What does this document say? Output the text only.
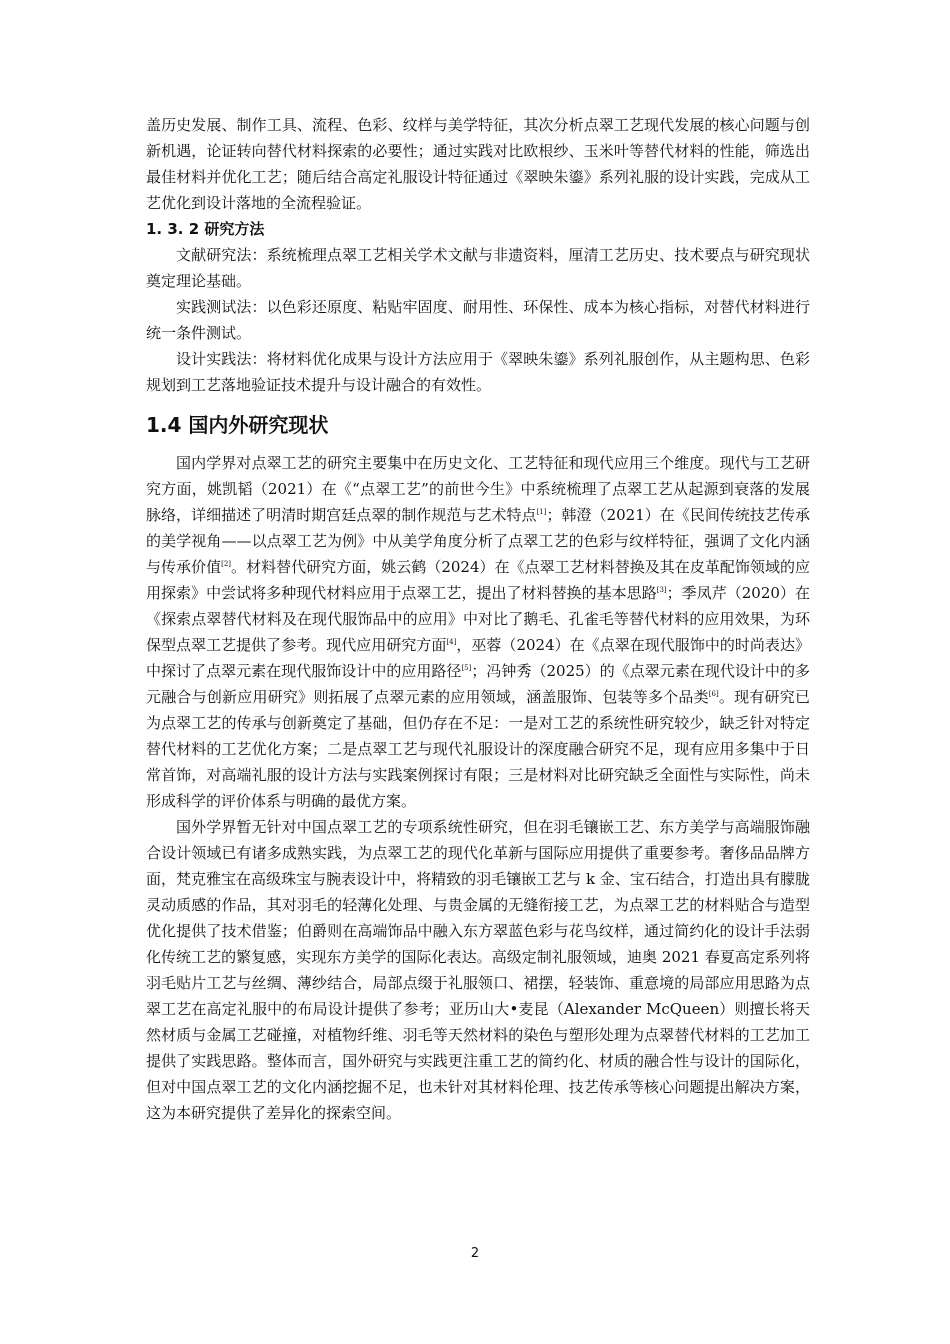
盖历史发展、制作工具、流程、色彩、纹样与美学特征，其次分析点翠工艺现代发展的核心问题与创新机遇，论证转向替代材料探索的必要性；通过实践对比欧根纱、玉米叶等替代材料的性能，筛选出最佳材料并优化工艺；随后结合高定礼服设计特征通过《翠映朱鎏》系列礼服的设计实践，完成从工艺优化到设计落地的全流程验证。

1. 3. 2 研究方法

文献研究法：系统梳理点翠工艺相关学术文献与非遗资料，厘清工艺历史、技术要点与研究现状奠定理论基础。

实践测试法：以色彩还原度、粘贴牢固度、耐用性、环保性、成本为核心指标，对替代材料进行统一条件测试。

设计实践法：将材料优化成果与设计方法应用于《翠映朱鎏》系列礼服创作，从主题构思、色彩规划到工艺落地验证技术提升与设计融合的有效性。

1.4 国内外研究现状

国内学界对点翠工艺的研究主要集中在历史文化、工艺特征和现代应用三个维度。现代与工艺研究方面，姚凯韬（2021）在《“点翠工艺”的前世今生》中系统梳理了点翠工艺从起源到衰落的发展脉络，详细描述了明清时期宫廷点翠的制作规范与艺术特点[1]；韩澄（2021）在《民间传统技艺传承的美学视角——以点翠工艺为例》中从美学角度分析了点翠工艺的色彩与纹样特征，强调了文化内涵与传承价值[2]。材料替代研究方面，姚云鹤（2024）在《点翠工艺材料替换及其在皮革配饰领域的应用探索》中尝试将多种现代材料应用于点翠工艺，提出了材料替换的基本思路[3]；季凤芹（2020）在《探索点翠替代材料及在现代服饰品中的应用》中对比了鹅毛、孔雀毛等替代材料的应用效果，为环保型点翠工艺提供了参考。现代应用研究方面[4]，巫蓉（2024）在《点翠在现代服饰中的时尚表达》中探讨了点翠元素在现代服饰设计中的应用路径[5]；冯钟秀（2025）的《点翠元素在现代设计中的多元融合与创新应用研究》则拓展了点翠元素的应用领域，涵盖服饰、包装等多个品类[6]。现有研究已为点翠工艺的传承与创新奠定了基础，但仍存在不足：一是对工艺的系统性研究较少，缺乏针对特定替代材料的工艺优化方案；二是点翠工艺与现代礼服设计的深度融合研究不足，现有应用多集中于日常首饰，对高端礼服的设计方法与实践案例探讨有限；三是材料对比研究缺乏全面性与实际性，尚未形成科学的评价体系与明确的最优方案。

国外学界暂无针对中国点翠工艺的专项系统性研究，但在羽毛镶嵌工艺、东方美学与高端服饰融合设计领域已有诸多成熟实践，为点翠工艺的现代化革新与国际应用提供了重要参考。奢侈品品牌方面，梵克雅宝在高级珠宝与腕表设计中，将精致的羽毛镶嵌工艺与 k 金、宝石结合，打造出具有朦胧灵动质感的作品，其对羽毛的轻薄化处理、与贵金属的无缝衔接工艺，为点翠工艺的材料贴合与造型优化提供了技术借鉴；伯爵则在高端饰品中融入东方翠蓝色彩与花鸟纹样，通过简约化的设计手法弱化传统工艺的繁复感，实现东方美学的国际化表达。高级定制礼服领域，迪奥 2021 春夏高定系列将羽毛贴片工艺与丝绸、薄纱结合，局部点缀于礼服领口、裙摆，轻装饰、重意境的局部应用思路为点翠工艺在高定礼服中的布局设计提供了参考；亚历山大•麦昆（Alexander McQueen）则擅长将天然材质与金属工艺碰撞，对植物纤维、羽毛等天然材料的染色与塑形处理为点翠替代材料的工艺加工提供了实践思路。整体而言，国外研究与实践更注重工艺的简约化、材质的融合性与设计的国际化，但对中国点翠工艺的文化内涵挖掘不足，也未针对其材料伦理、技艺传承等核心问题提出解决方案，这为本研究提供了差异化的探索空间。

2
